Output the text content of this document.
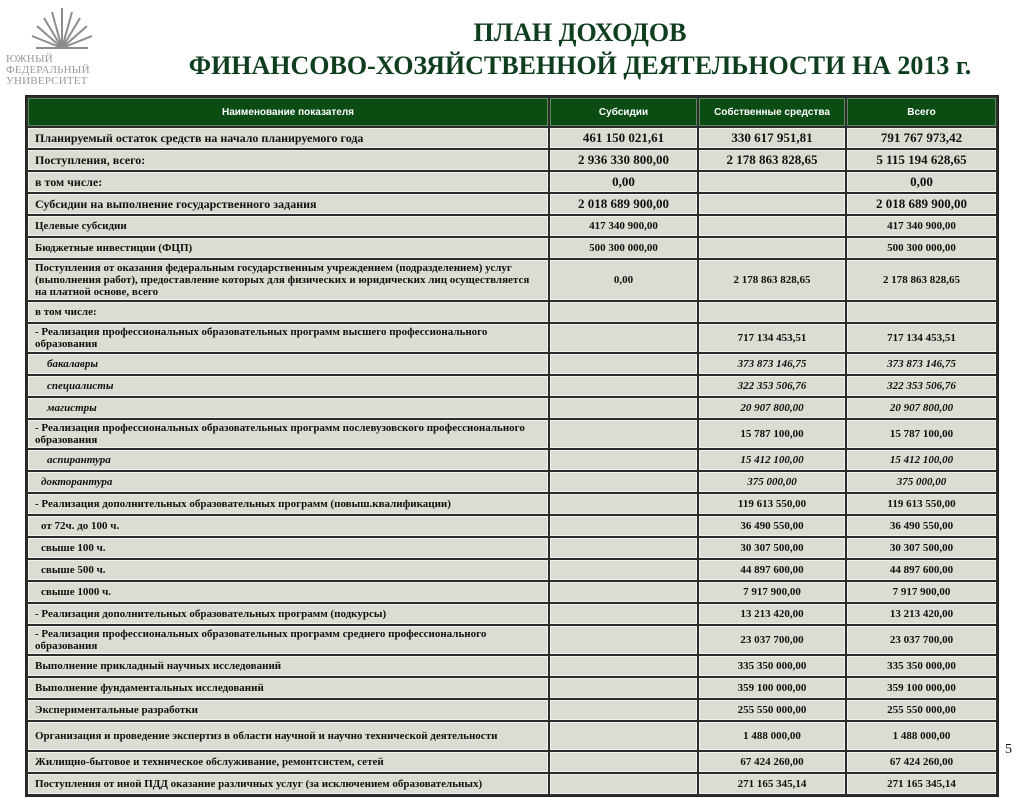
ЮЖНЫЙ
ФЕДЕРАЛЬНЫЙ
УНИВЕРСИТЕТ
ПЛАН ДОХОДОВ
ФИНАНСОВО-ХОЗЯЙСТВЕННОЙ ДЕЯТЕЛЬНОСТИ НА 2013 г.
Наименование показателя	Субсидии	Собственные средства	Всего
Планируемый остаток средств на начало планируемого года	461 150 021,61	330 617 951,81	791 767 973,42
Поступления, всего:	2 936 330 800,00	2 178 863 828,65	5 115 194 628,65
в том числе:	0,00		0,00
Субсидии на выполнение государственного задания	2 018 689 900,00		2 018 689 900,00
Целевые субсидии	417 340 900,00		417 340 900,00
Бюджетные инвестиции (ФЦП)	500 300 000,00		500 300 000,00
Поступления от оказания федеральным государственным учреждением (подразделением) услуг (выполнения работ), предоставление которых для физических и юридических лиц осуществляется на платной основе, всего	0,00	2 178 863 828,65	2 178 863 828,65
в том числе:			
- Реализация профессиональных образовательных программ высшего профессионального образования		717 134 453,51	717 134 453,51
бакалавры		373 873 146,75	373 873 146,75
специалисты		322 353 506,76	322 353 506,76
магистры		20 907 800,00	20 907 800,00
- Реализация профессиональных образовательных программ послевузовского профессионального образования		15 787 100,00	15 787 100,00
аспирантура		15 412 100,00	15 412 100,00
докторантура		375 000,00	375 000,00
- Реализация дополнительных образовательных программ (повыш.квалификации)		119 613 550,00	119 613 550,00
от 72ч. до 100 ч.		36 490 550,00	36 490 550,00
свыше 100 ч.		30 307 500,00	30 307 500,00
свыше 500 ч.		44 897 600,00	44 897 600,00
свыше 1000 ч.		7 917 900,00	7 917 900,00
- Реализация дополнительных образовательных программ (подкурсы)		13 213 420,00	13 213 420,00
- Реализация профессиональных образовательных программ среднего профессионального образования		23 037 700,00	23 037 700,00
Выполнение прикладный научных исследований		335 350 000,00	335 350 000,00
Выполнение фундаментальных исследований		359 100 000,00	359 100 000,00
Экспериментальные разработки		255 550 000,00	255 550 000,00
Организация и проведение экспертиз в области научной и научно технической деятельности		1 488 000,00	1 488 000,00
Жилищно-бытовое и техническое обслуживание, ремонтсистем, сетей		67 424 260,00	67 424 260,00
Поступления от иной ПДД оказание различных услуг (за исключением образовательных)		271 165 345,14	271 165 345,14
5
